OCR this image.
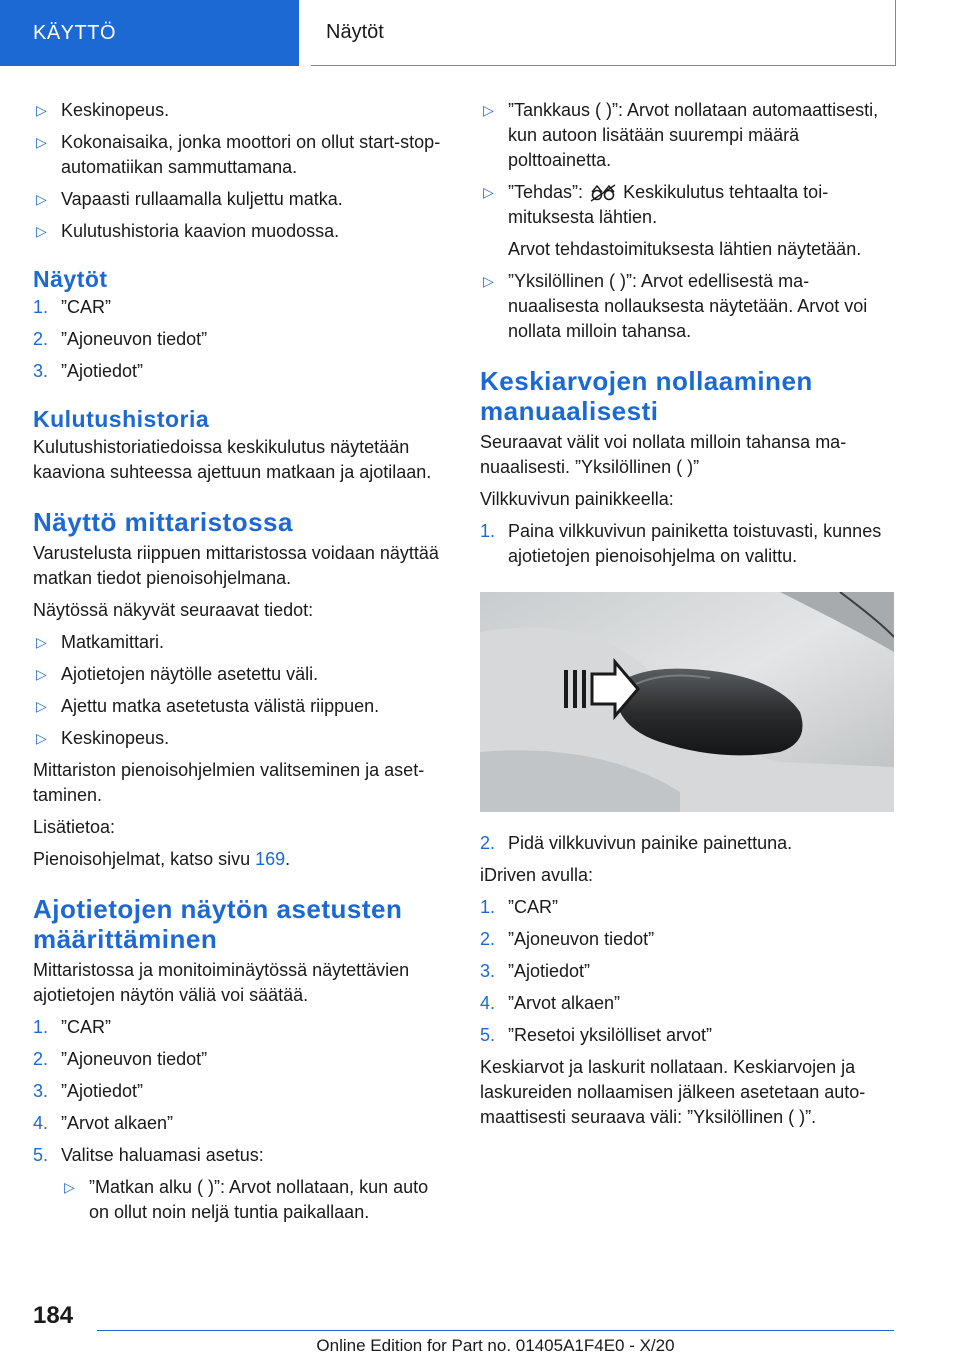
KÄYTTÖ	Näytöt
▷ Keskinopeus.
▷ Kokonaisaika, jonka moottori on ollut start-stop-automatiikan sammuttamana.
▷ Vapaasti rullaamalla kuljettu matka.
▷ Kulutushistoria kaavion muodossa.
Näytöt
1. ”CAR”
2. ”Ajoneuvon tiedot”
3. ”Ajotiedot”
Kulutushistoria
Kulutushistoriatiedoissa keskikulutus näytetään kaaviona suhteessa ajettuun matkaan ja ajotilaan.
Näyttö mittaristossa
Varustelusta riippuen mittaristossa voidaan näyttää matkan tiedot pienoisohjelmana.
Näytössä näkyvät seuraavat tiedot:
▷ Matkamittari.
▷ Ajotietojen näytölle asetettu väli.
▷ Ajettu matka asetetusta välistä riippuen.
▷ Keskinopeus.
Mittariston pienoisohjelmien valitseminen ja asettaminen.
Lisätietoa:
Pienoisohjelmat, katso sivu 169.
Ajotietojen näytön asetusten määrittäminen
Mittaristossa ja monitoiminäytössä näytettävien ajotietojen näytön väliä voi säätää.
1. ”CAR”
2. ”Ajoneuvon tiedot”
3. ”Ajotiedot”
4. ”Arvot alkaen”
5. Valitse haluamasi asetus:
▷ ”Matkan alku ( )”: Arvot nollataan, kun auto on ollut noin neljä tuntia paikallaan.
▷ ”Tankkaus ( )”: Arvot nollataan automaattisesti, kun autoon lisätään suurempi määrä polttoainetta.
▷ ”Tehdas”: Keskikulutus tehtaalta toimituksesta lähtien.
Arvot tehdastoimituksesta lähtien näytetään.
▷ ”Yksilöllinen ( )”: Arvot edellisestä manuaalisesta nollauksesta näytetään. Arvot voi nollata milloin tahansa.
Keskiarvojen nollaaminen manuaalisesti
Seuraavat välit voi nollata milloin tahansa manuaalisesti. ”Yksilöllinen ( )”
Vilkkuvivun painikkeella:
1. Paina vilkkuvivun painiketta toistuvasti, kunnes ajotietojen pienoisohjelma on valittu.
2. Pidä vilkkuvivun painike painettuna.
iDriven avulla:
1. ”CAR”
2. ”Ajoneuvon tiedot”
3. ”Ajotiedot”
4. ”Arvot alkaen”
5. ”Resetoi yksilölliset arvot”
Keskiarvot ja laskurit nollataan. Keskiarvojen ja laskureiden nollaamisen jälkeen asetetaan automaattisesti seuraava väli: ”Yksilöllinen ( )”.
184
Online Edition for Part no. 01405A1F4E0 - X/20
